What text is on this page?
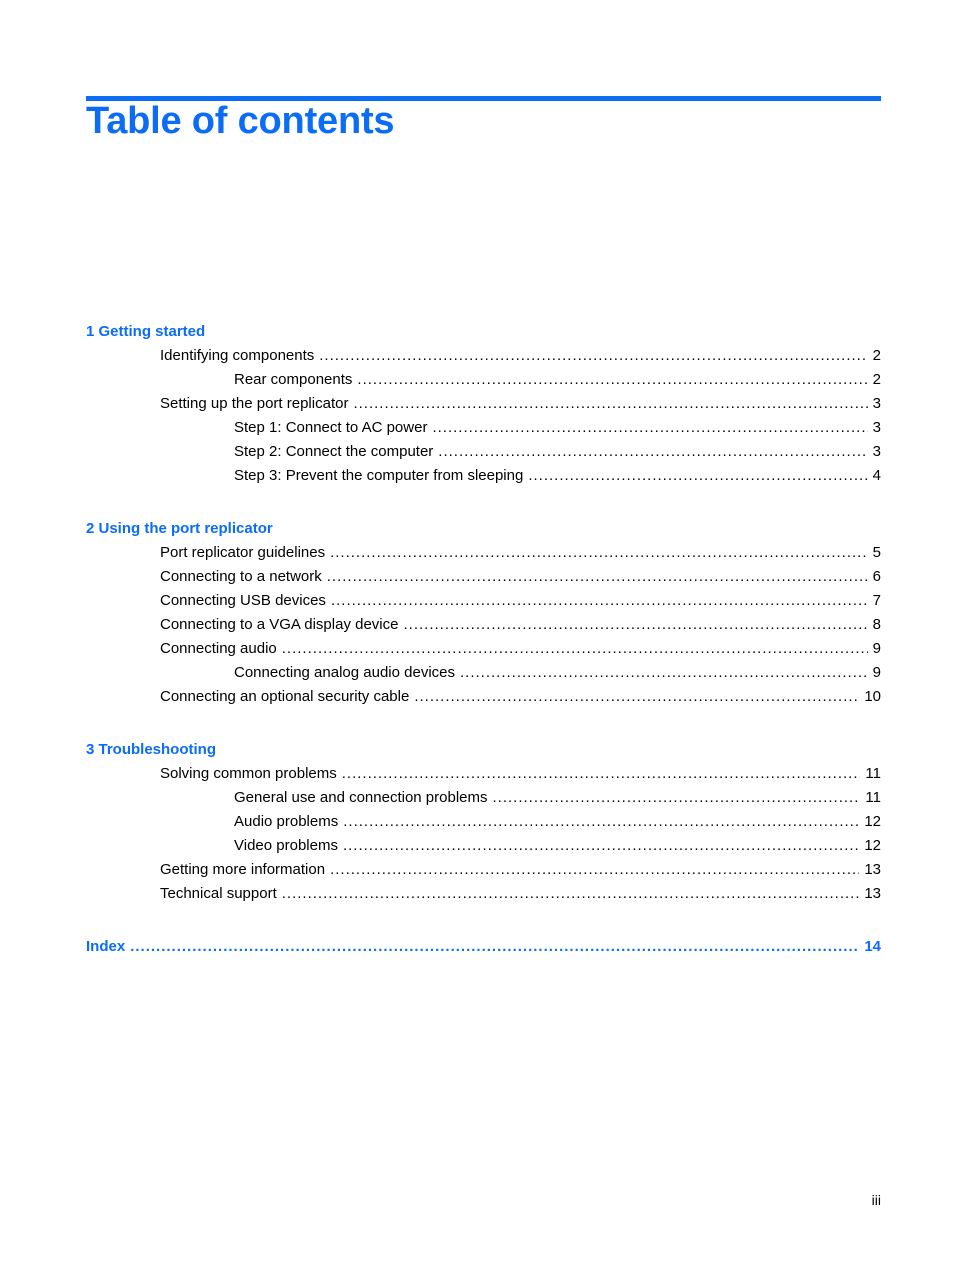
Table of contents
1 Getting started
Identifying components .....	2
Rear components .....	2
Setting up the port replicator .....	3
Step 1: Connect to AC power .....	3
Step 2: Connect the computer .....	3
Step 3: Prevent the computer from sleeping .....	4
2 Using the port replicator
Port replicator guidelines .....	5
Connecting to a network .....	6
Connecting USB devices .....	7
Connecting to a VGA display device .....	8
Connecting audio .....	9
Connecting analog audio devices .....	9
Connecting an optional security cable .....	10
3 Troubleshooting
Solving common problems .....	11
General use and connection problems .....	11
Audio problems .....	12
Video problems .....	12
Getting more information .....	13
Technical support .....	13
Index .....	14
iii
